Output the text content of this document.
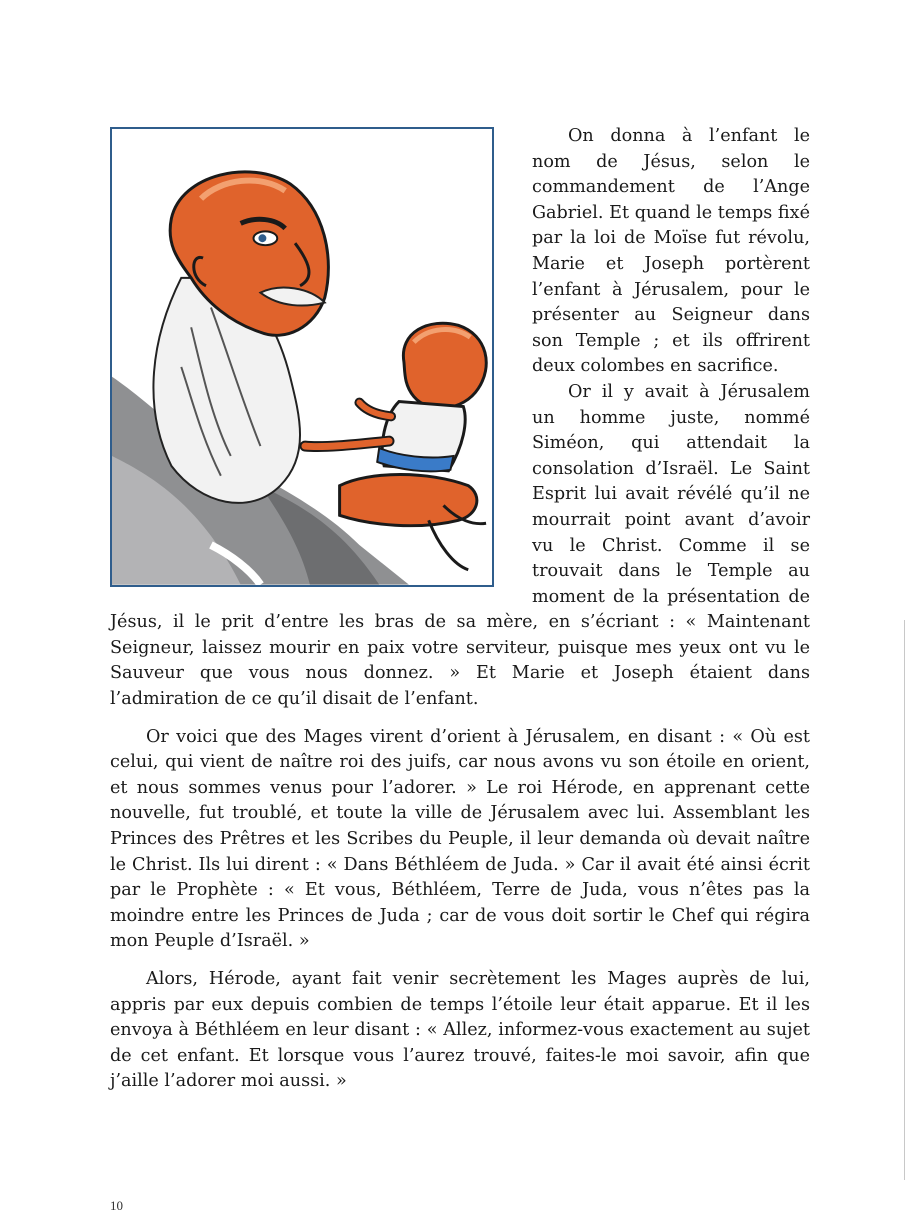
On donna à l’enfant le nom de Jésus, selon le commandement de l’Ange Gabriel. Et quand le temps fixé par la loi de Moïse fut révolu, Marie et Joseph portèrent l’enfant à Jérusalem, pour le présenter au Seigneur dans son Temple ; et ils offrirent deux colombes en sacrifice.

Or il y avait à Jérusalem un homme juste, nommé Siméon, qui attendait la consolation d’Israël. Le Saint Esprit lui avait révélé qu’il ne mourrait point avant d’avoir vu le Christ. Comme il se trouvait dans le Temple au moment de la présentation de Jésus, il le prit d’entre les bras de sa mère, en s’écriant : « Maintenant Seigneur, laissez mourir en paix votre serviteur, puisque mes yeux ont vu le Sauveur que vous nous donnez. » Et Marie et Joseph étaient dans l’admiration de ce qu’il disait de l’enfant.

Or voici que des Mages virent d’orient à Jérusalem, en disant : « Où est celui, qui vient de naître roi des juifs, car nous avons vu son étoile en orient, et nous sommes venus pour l’adorer. » Le roi Hérode, en apprenant cette nouvelle, fut troublé, et toute la ville de Jérusalem avec lui. Assemblant les Princes des Prêtres et les Scribes du Peuple, il leur demanda où devait naître le Christ. Ils lui dirent : « Dans Béthléem de Juda. » Car il avait été ainsi écrit par le Prophète : « Et vous, Béthléem, Terre de Juda, vous n’êtes pas la moindre entre les Princes de Juda ; car de vous doit sortir le Chef qui régira mon Peuple d’Israël. »

Alors, Hérode, ayant fait venir secrètement les Mages auprès de lui, appris par eux depuis combien de temps l’étoile leur était apparue. Et il les envoya à Béthléem en leur disant : « Allez, informez-vous exactement au sujet de cet enfant. Et lorsque vous l’aurez trouvé, faites-le moi savoir, afin que j’aille l’adorer moi aussi. »

10
